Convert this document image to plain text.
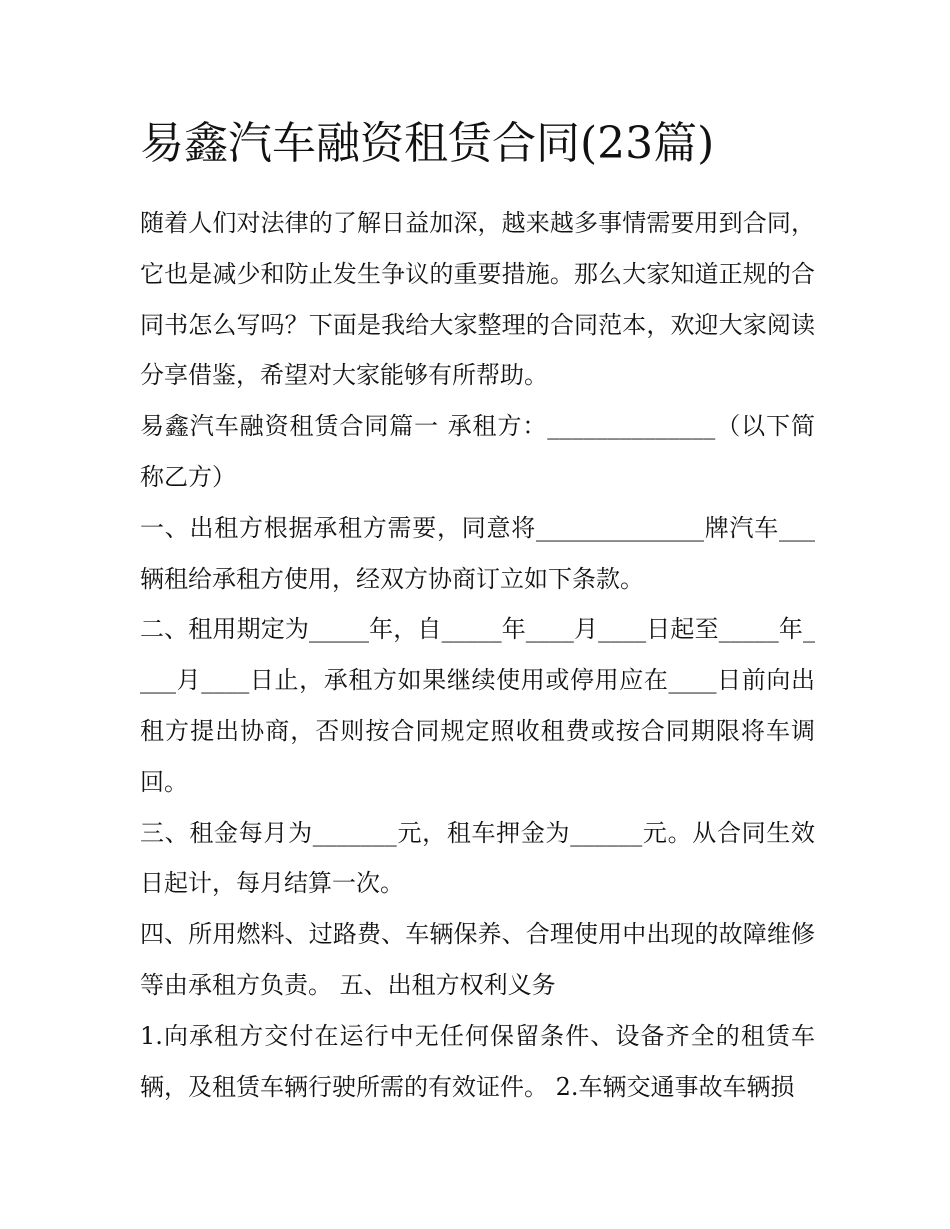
易鑫汽车融资租赁合同(23篇)

随着人们对法律的了解日益加深，越来越多事情需要用到合同，它也是减少和防止发生争议的重要措施。那么大家知道正规的合同书怎么写吗？下面是我给大家整理的合同范本，欢迎大家阅读分享借鉴，希望对大家能够有所帮助。

易鑫汽车融资租赁合同篇一 承租方：______________（以下简称乙方）

一、出租方根据承租方需要，同意将______________牌汽车___辆租给承租方使用，经双方协商订立如下条款。

二、租用期定为_____年，自_____年____月____日起至_____年____月____日止，承租方如果继续使用或停用应在____日前向出租方提出协商，否则按合同规定照收租费或按合同期限将车调回。

三、租金每月为_______元，租车押金为______元。从合同生效日起计，每月结算一次。

四、所用燃料、过路费、车辆保养、合理使用中出现的故障维修等由承租方负责。 五、出租方权利义务

1.向承租方交付在运行中无任何保留条件、设备齐全的租赁车辆，及租赁车辆行驶所需的有效证件。 2.车辆交通事故车辆损
